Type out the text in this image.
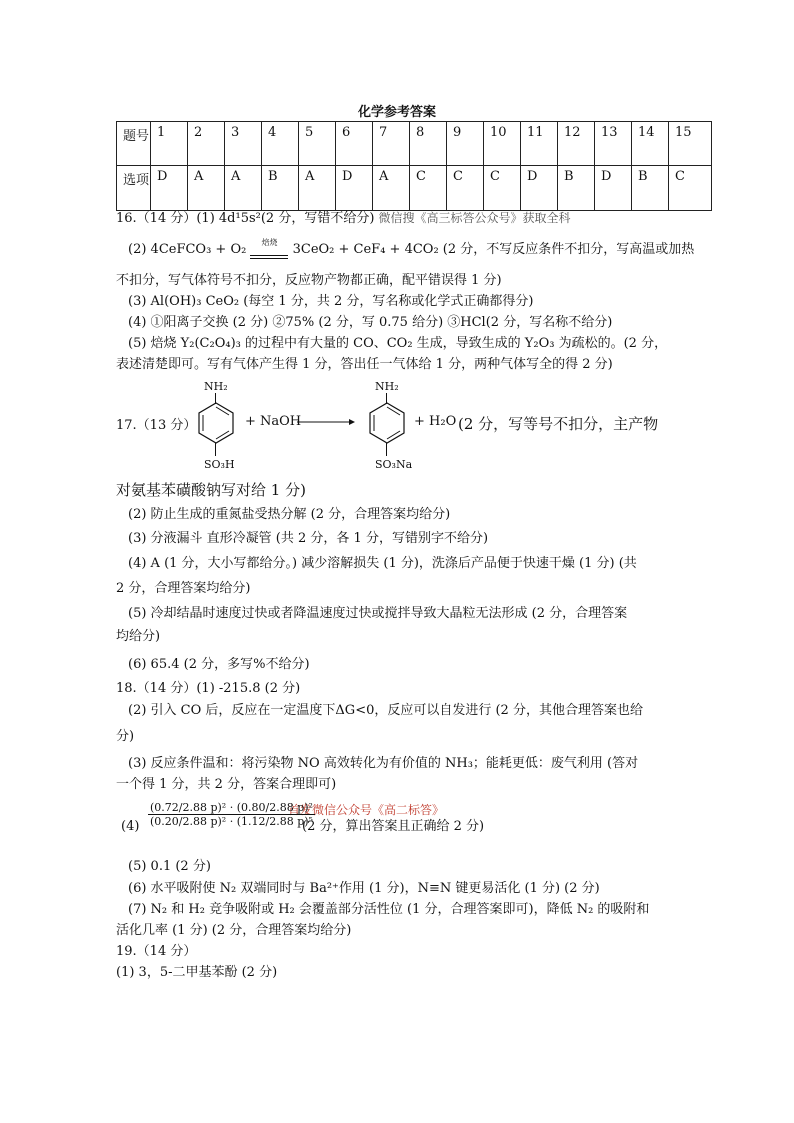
化学参考答案
题号	1	2	3	4	5	6	7	8	9	10	11	12	13	14	15
选项	D	A	A	B	A	D	A	C	C	C	D	B	D	B	C
16.（14 分）(1) 4d¹5s²(2 分，写错不给分) 微信搜《高三标答公众号》获取全科
(2) 4CeFCO₃ + O₂	焙烧	3CeO₂ + CeF₄ + 4CO₂ (2 分，不写反应条件不扣分，写高温或加热
不扣分，写气体符号不扣分，反应物产物都正确，配平错误得 1 分)
(3) Al(OH)₃ CeO₂ (每空 1 分，共 2 分，写名称或化学式正确都得分)
(4) ①阳离子交换 (2 分) ②75% (2 分，写 0.75 给分) ③HCl(2 分，写名称不给分)
(5) 焙烧 Y₂(C₂O₄)₃ 的过程中有大量的 CO、CO₂ 生成，导致生成的 Y₂O₃ 为疏松的。(2 分，
表述清楚即可。写有气体产生得 1 分，答出任一气体给 1 分，两种气体写全的得 2 分)
17.（13 分）
NH₂
SO₃H
+ NaOH
NH₂
SO₃Na
+ H₂O (2 分，写等号不扣分，主产物
对氨基苯磺酸钠写对给 1 分)
(2) 防止生成的重氮盐受热分解 (2 分，合理答案均给分)
(3) 分液漏斗 直形冷凝管 (共 2 分，各 1 分，写错别字不给分)
(4) A (1 分，大小写都给分。) 减少溶解损失 (1 分)，洗涤后产品便于快速干燥 (1 分) (共
2 分，合理答案均给分)
(5) 冷却结晶时速度过快或者降温速度过快或搅拌导致大晶粒无法形成 (2 分，合理答案
均给分)
(6) 65.4 (2 分，多写%不给分)
18.（14 分）(1) -215.8 (2 分)
(2) 引入 CO 后，反应在一定温度下ΔG<0，反应可以自发进行 (2 分，其他合理答案也给
分)
(3) 反应条件温和：将污染物 NO 高效转化为有价值的 NH₃；能耗更低：废气利用 (答对
一个得 1 分，共 2 分，答案合理即可)
首发微信公众号《高二标答》
$(4) \frac{\text{(0.72/2.88 p)² · (0.80/2.88 p)²}}{\text{(0.20/2.88 p)² · (1.12/2.88 p)⁵}}$
(2 分，算出答案且正确给 2 分)
(5) 0.1 (2 分)
(6) 水平吸附使 N₂ 双端同时与 Ba²⁺作用 (1 分)，N≡N 键更易活化 (1 分) (2 分)
(7) N₂ 和 H₂ 竞争吸附或 H₂ 会覆盖部分活性位 (1 分，合理答案即可)，降低 N₂ 的吸附和
活化几率 (1 分) (2 分，合理答案均给分)
19.（14 分）
(1) 3，5-二甲基苯酚 (2 分)
